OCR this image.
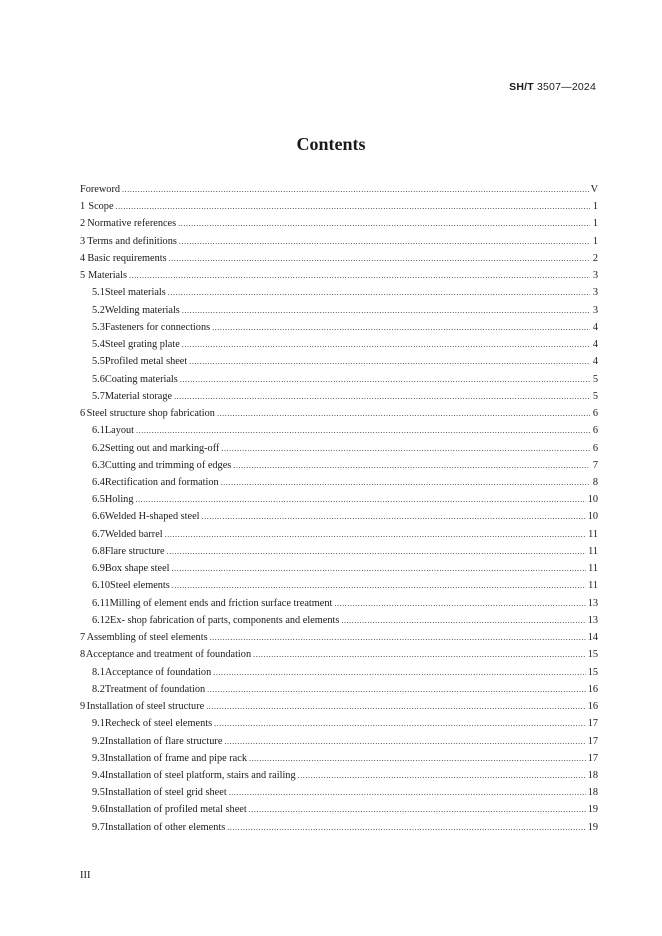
SH/T 3507—2024
Contents
Foreword .....	V
1 Scope .....	1
2 Normative references .....	1
3 Terms and definitions .....	1
4 Basic requirements .....	2
5 Materials .....	3
5.1 Steel materials .....	3
5.2 Welding materials .....	3
5.3 Fasteners for connections .....	4
5.4 Steel grating plate .....	4
5.5 Profiled metal sheet .....	4
5.6 Coating materials .....	5
5.7 Material storage .....	5
6 Steel structure shop fabrication .....	6
6.1 Layout .....	6
6.2 Setting out and marking-off .....	6
6.3 Cutting and trimming of edges .....	7
6.4 Rectification and formation .....	8
6.5 Holing .....	10
6.6 Welded H-shaped steel .....	10
6.7 Welded barrel .....	11
6.8 Flare structure .....	11
6.9 Box shape steel .....	11
6.10 Steel elements .....	11
6.11 Milling of element ends and friction surface treatment .....	13
6.12 Ex- shop fabrication of parts, components and elements .....	13
7 Assembling of steel elements .....	14
8 Acceptance and treatment of foundation .....	15
8.1 Acceptance of foundation .....	15
8.2 Treatment of foundation .....	16
9 Installation of steel structure .....	16
9.1 Recheck of steel elements .....	17
9.2 Installation of flare structure .....	17
9.3 Installation of frame and pipe rack .....	17
9.4 Installation of steel platform, stairs and railing .....	18
9.5 Installation of steel grid sheet .....	18
9.6 Installation of profiled metal sheet .....	19
9.7 Installation of other elements .....	19
III
